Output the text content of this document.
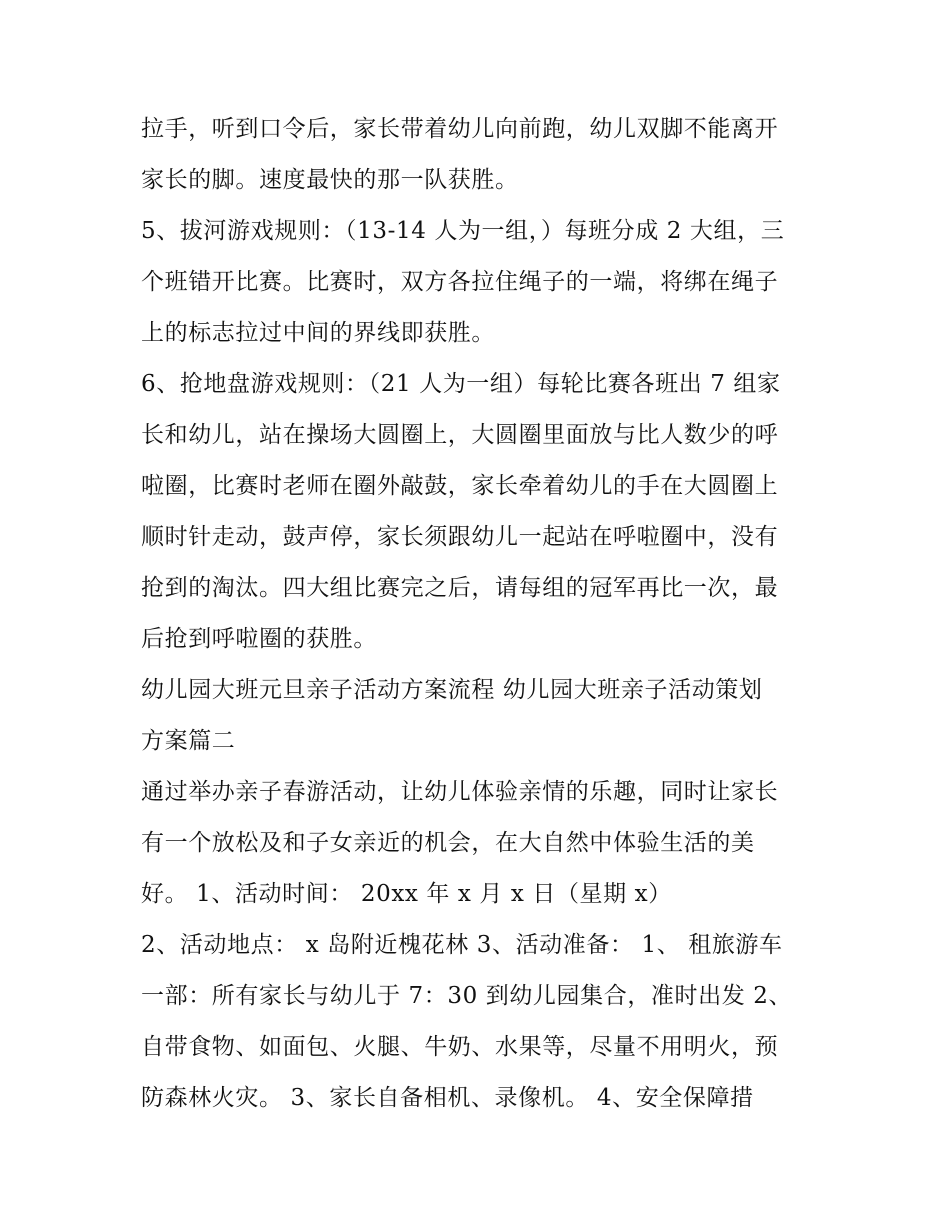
拉手，听到口令后，家长带着幼儿向前跑，幼儿双脚不能离开
家长的脚。速度最快的那一队获胜。
5、拔河游戏规则：（13-14 人为一组，）每班分成 2 大组，三
个班错开比赛。比赛时，双方各拉住绳子的一端，将绑在绳子
上的标志拉过中间的界线即获胜。
6、抢地盘游戏规则：（21 人为一组）每轮比赛各班出 7 组家
长和幼儿，站在操场大圆圈上，大圆圈里面放与比人数少的呼
啦圈，比赛时老师在圈外敲鼓，家长牵着幼儿的手在大圆圈上
顺时针走动，鼓声停，家长须跟幼儿一起站在呼啦圈中，没有
抢到的淘汰。四大组比赛完之后，请每组的冠军再比一次，最
后抢到呼啦圈的获胜。
幼儿园大班元旦亲子活动方案流程 幼儿园大班亲子活动策划
方案篇二
通过举办亲子春游活动，让幼儿体验亲情的乐趣，同时让家长
有一个放松及和子女亲近的机会，在大自然中体验生活的美
好。 1、活动时间： 20xx 年 x 月 x 日（星期 x）
2、活动地点： x 岛附近槐花林 3、活动准备： 1、 租旅游车
一部：所有家长与幼儿于 7：30 到幼儿园集合，准时出发 2、
自带食物、如面包、火腿、牛奶、水果等，尽量不用明火，预
防森林火灾。 3、家长自备相机、录像机。 4、安全保障措
